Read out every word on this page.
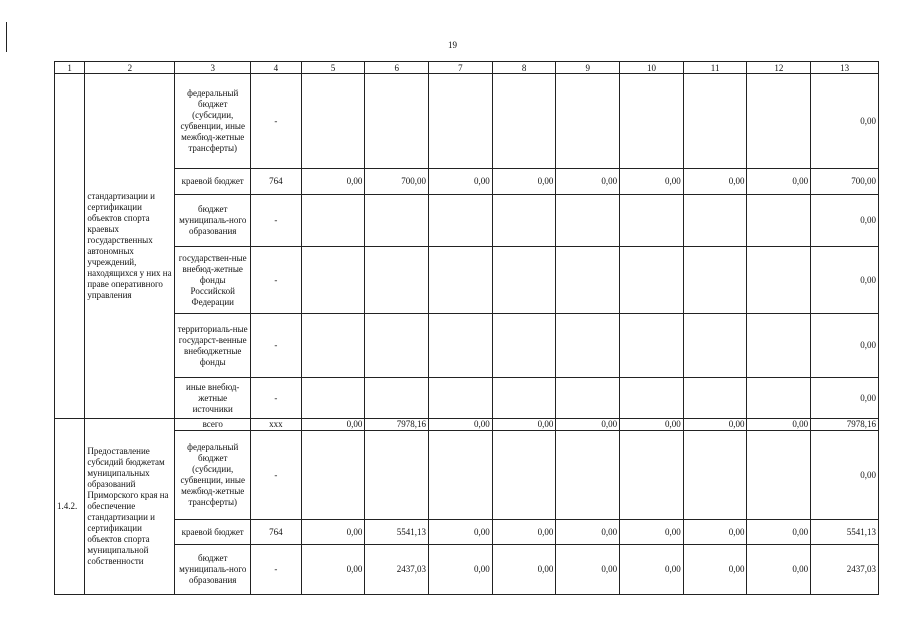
19
1	2	3	4	5	6	7	8	9	10	11	12	13
	стандартизации и сертификации объектов спорта краевых государственных автономных учреждений, находящихся у них на праве оперативного управления	федеральный бюджет (субсидии, субвенции, иные межбюд-жетные трансферты)	-									0,00
		краевой бюджет	764	0,00	700,00	0,00	0,00	0,00	0,00	0,00	0,00	700,00
		бюджет муниципаль-ного образования	-									0,00
		государствен-ные внебюд-жетные фонды Российской Федерации	-									0,00
		территориаль-ные государст-венные внебюджетные фонды	-									0,00
		иные внебюд-жетные источники	-									0,00
1.4.2.	Предоставление субсидий бюджетам муниципальных образований Приморского края на обеспечение стандартизации и сертификации объектов спорта муниципальной собственности	всего	ххх	0,00	7978,16	0,00	0,00	0,00	0,00	0,00	0,00	7978,16
		федеральный бюджет (субсидии, субвенции, иные межбюд-жетные трансферты)	-									0,00
		краевой бюджет	764	0,00	5541,13	0,00	0,00	0,00	0,00	0,00	0,00	5541,13
		бюджет муниципаль-ного образования	-	0,00	2437,03	0,00	0,00	0,00	0,00	0,00	0,00	2437,03
